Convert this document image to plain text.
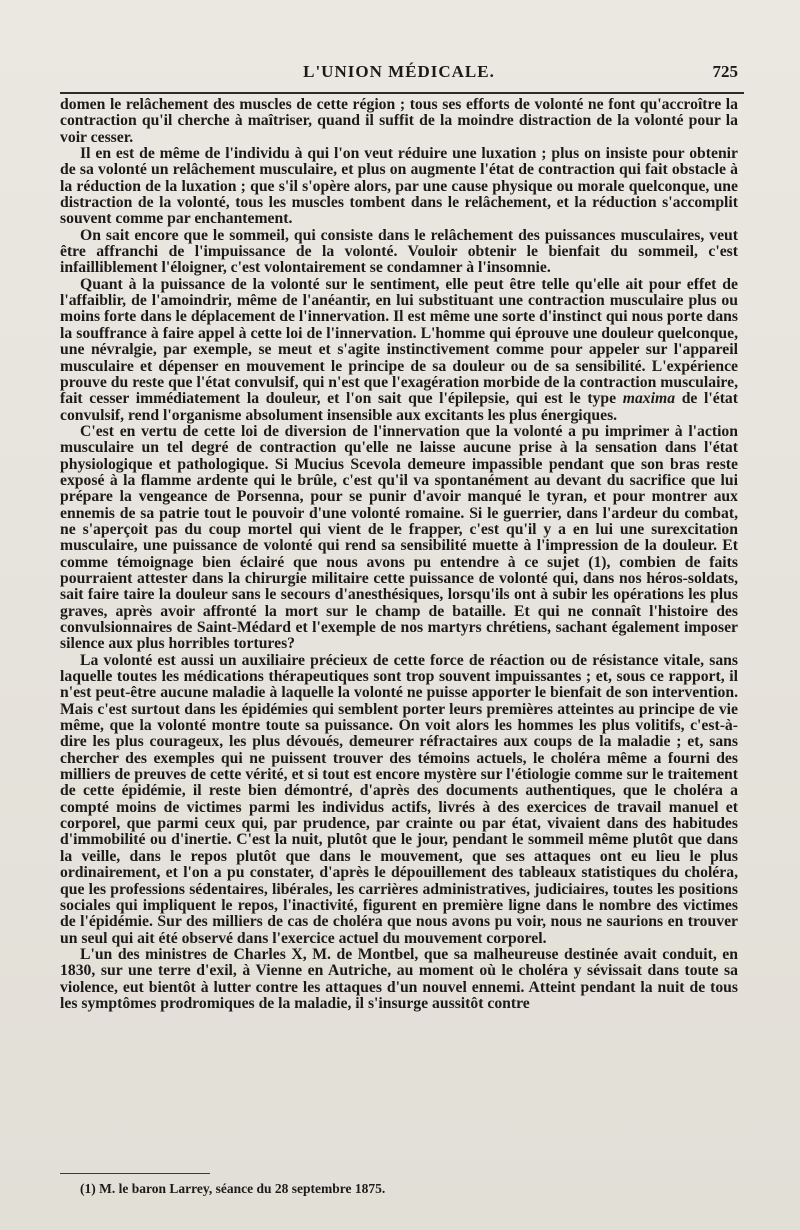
L'UNION MÉDICALE.	725

domen le relâchement des muscles de cette région ; tous ses efforts de volonté ne font qu'accroître la contraction qu'il cherche à maîtriser, quand il suffit de la moindre distraction de la volonté pour la voir cesser.

Il en est de même de l'individu à qui l'on veut réduire une luxation ; plus on insiste pour obtenir de sa volonté un relâchement musculaire, et plus on augmente l'état de contraction qui fait obstacle à la réduction de la luxation ; que s'il s'opère alors, par une cause physique ou morale quelconque, une distraction de la volonté, tous les muscles tombent dans le relâchement, et la réduction s'accomplit souvent comme par enchantement.

On sait encore que le sommeil, qui consiste dans le relâchement des puissances musculaires, veut être affranchi de l'impuissance de la volonté. Vouloir obtenir le bienfait du sommeil, c'est infailliblement l'éloigner, c'est volontairement se condamner à l'insomnie.

Quant à la puissance de la volonté sur le sentiment, elle peut être telle qu'elle ait pour effet de l'affaiblir, de l'amoindrir, même de l'anéantir, en lui substituant une contraction musculaire plus ou moins forte dans le déplacement de l'innervation. Il est même une sorte d'instinct qui nous porte dans la souffrance à faire appel à cette loi de l'innervation. L'homme qui éprouve une douleur quelconque, une névralgie, par exemple, se meut et s'agite instinctivement comme pour appeler sur l'appareil musculaire et dépenser en mouvement le principe de sa douleur ou de sa sensibilité. L'expérience prouve du reste que l'état convulsif, qui n'est que l'exagération morbide de la contraction musculaire, fait cesser immédiatement la douleur, et l'on sait que l'épilepsie, qui est le type maxima de l'état convulsif, rend l'organisme absolument insensible aux excitants les plus énergiques.

C'est en vertu de cette loi de diversion de l'innervation que la volonté a pu imprimer à l'action musculaire un tel degré de contraction qu'elle ne laisse aucune prise à la sensation dans l'état physiologique et pathologique. Si Mucius Scevola demeure impassible pendant que son bras reste exposé à la flamme ardente qui le brûle, c'est qu'il va spontanément au devant du sacrifice que lui prépare la vengeance de Porsenna, pour se punir d'avoir manqué le tyran, et pour montrer aux ennemis de sa patrie tout le pouvoir d'une volonté romaine. Si le guerrier, dans l'ardeur du combat, ne s'aperçoit pas du coup mortel qui vient de le frapper, c'est qu'il y a en lui une surexcitation musculaire, une puissance de volonté qui rend sa sensibilité muette à l'impression de la douleur. Et comme témoignage bien éclairé que nous avons pu entendre à ce sujet (1), combien de faits pourraient attester dans la chirurgie militaire cette puissance de volonté qui, dans nos héros-soldats, sait faire taire la douleur sans le secours d'anesthésiques, lorsqu'ils ont à subir les opérations les plus graves, après avoir affronté la mort sur le champ de bataille. Et qui ne connaît l'histoire des convulsionnaires de Saint-Médard et l'exemple de nos martyrs chrétiens, sachant également imposer silence aux plus horribles tortures?

La volonté est aussi un auxiliaire précieux de cette force de réaction ou de résistance vitale, sans laquelle toutes les médications thérapeutiques sont trop souvent impuissantes ; et, sous ce rapport, il n'est peut-être aucune maladie à laquelle la volonté ne puisse apporter le bienfait de son intervention. Mais c'est surtout dans les épidémies qui semblent porter leurs premières atteintes au principe de vie même, que la volonté montre toute sa puissance. On voit alors les hommes les plus volitifs, c'est-à-dire les plus courageux, les plus dévoués, demeurer réfractaires aux coups de la maladie ; et, sans chercher des exemples qui ne puissent trouver des témoins actuels, le choléra même a fourni des milliers de preuves de cette vérité, et si tout est encore mystère sur l'étiologie comme sur le traitement de cette épidémie, il reste bien démontré, d'après des documents authentiques, que le choléra a compté moins de victimes parmi les individus actifs, livrés à des exercices de travail manuel et corporel, que parmi ceux qui, par prudence, par crainte ou par état, vivaient dans des habitudes d'immobilité ou d'inertie. C'est la nuit, plutôt que le jour, pendant le sommeil même plutôt que dans la veille, dans le repos plutôt que dans le mouvement, que ses attaques ont eu lieu le plus ordinairement, et l'on a pu constater, d'après le dépouillement des tableaux statistiques du choléra, que les professions sédentaires, libérales, les carrières administratives, judiciaires, toutes les positions sociales qui impliquent le repos, l'inactivité, figurent en première ligne dans le nombre des victimes de l'épidémie. Sur des milliers de cas de choléra que nous avons pu voir, nous ne saurions en trouver un seul qui ait été observé dans l'exercice actuel du mouvement corporel.

L'un des ministres de Charles X, M. de Montbel, que sa malheureuse destinée avait conduit, en 1830, sur une terre d'exil, à Vienne en Autriche, au moment où le choléra y sévissait dans toute sa violence, eut bientôt à lutter contre les attaques d'un nouvel ennemi. Atteint pendant la nuit de tous les symptômes prodromiques de la maladie, il s'insurge aussitôt contre

(1) M. le baron Larrey, séance du 28 septembre 1875.
